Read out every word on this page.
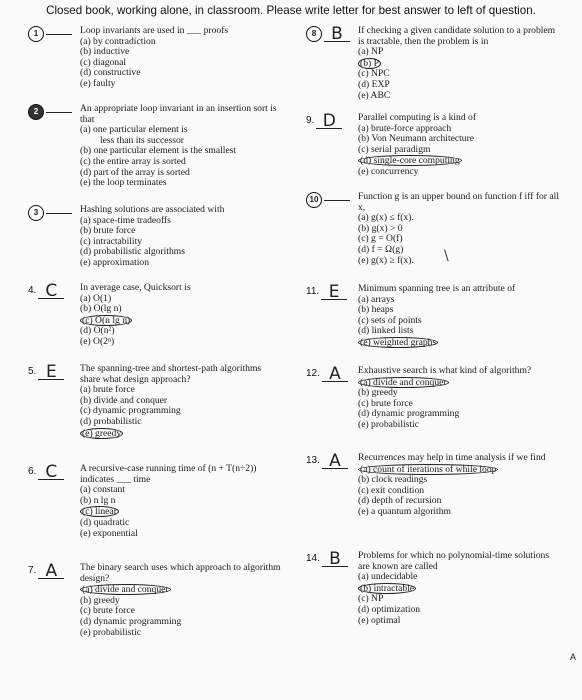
Closed book, working alone, in classroom. Please write letter for best answer to left of question.
1	Loop invariants are used in ___ proofs
(a) by contradiction
(b) inductive
(c) diagonal
(d) constructive
(e) faulty
2	An appropriate loop invariant in an insertion sort is that
(a) one particular element is
less than its successor
(b) one particular element is the smallest
(c) the entire array is sorted
(d) part of the array is sorted
(e) the loop terminates
3	Hashing solutions are associated with
(a) space-time tradeoffs
(b) brute force
(c) intractability
(d) probabilistic algorithms
(e) approximation
4. C	In average case, Quicksort is
(a) O(1)
(b) O(lg n)
(c) O(n lg n)
(d) O(n²)
(e) O(2ⁿ)
5. E	The spanning-tree and shortest-path algorithms share what design approach?
(a) brute force
(b) divide and conquer
(c) dynamic programming
(d) probabilistic
(e) greedy
6. C	A recursive-case running time of (n + T(n÷2)) indicates ___ time
(a) constant
(b) n lg n
(c) linear
(d) quadratic
(e) exponential
7. A	The binary search uses which approach to algorithm design?
(a) divide and conquer
(b) greedy
(c) brute force
(d) dynamic programming
(e) probabilistic
8 B	If checking a given candidate solution to a problem is tractable, then the problem is in
(a) NP
(b) P
(c) NPC
(d) EXP
(e) ABC
9. D	Parallel computing is a kind of
(a) brute-force approach
(b) Von Neumann architecture
(c) serial paradigm
(d) single-core computing
(e) concurrency
10	Function g is an upper bound on function f iff for all x,
(a) g(x) ≤ f(x).
(b) g(x) > 0
(c) g = O(f)
(d) f = Ω(g)
(e) g(x) ≥ f(x).
11. E	Minimum spanning tree is an attribute of
(a) arrays
(b) heaps
(c) sets of points
(d) linked lists
(e) weighted graphs
12. A	Exhaustive search is what kind of algorithm?
(a) divide and conquer
(b) greedy
(c) brute force
(d) dynamic programming
(e) probabilistic
13. A	Recurrences may help in time analysis if we find
(a) count of iterations of while loop
(b) clock readings
(c) exit condition
(d) depth of recursion
(e) a quantum algorithm
14. B	Problems for which no polynomial-time solutions are known are called
(a) undecidable
(b) intractable
(c) NP
(d) optimization
(e) optimal
\
A
